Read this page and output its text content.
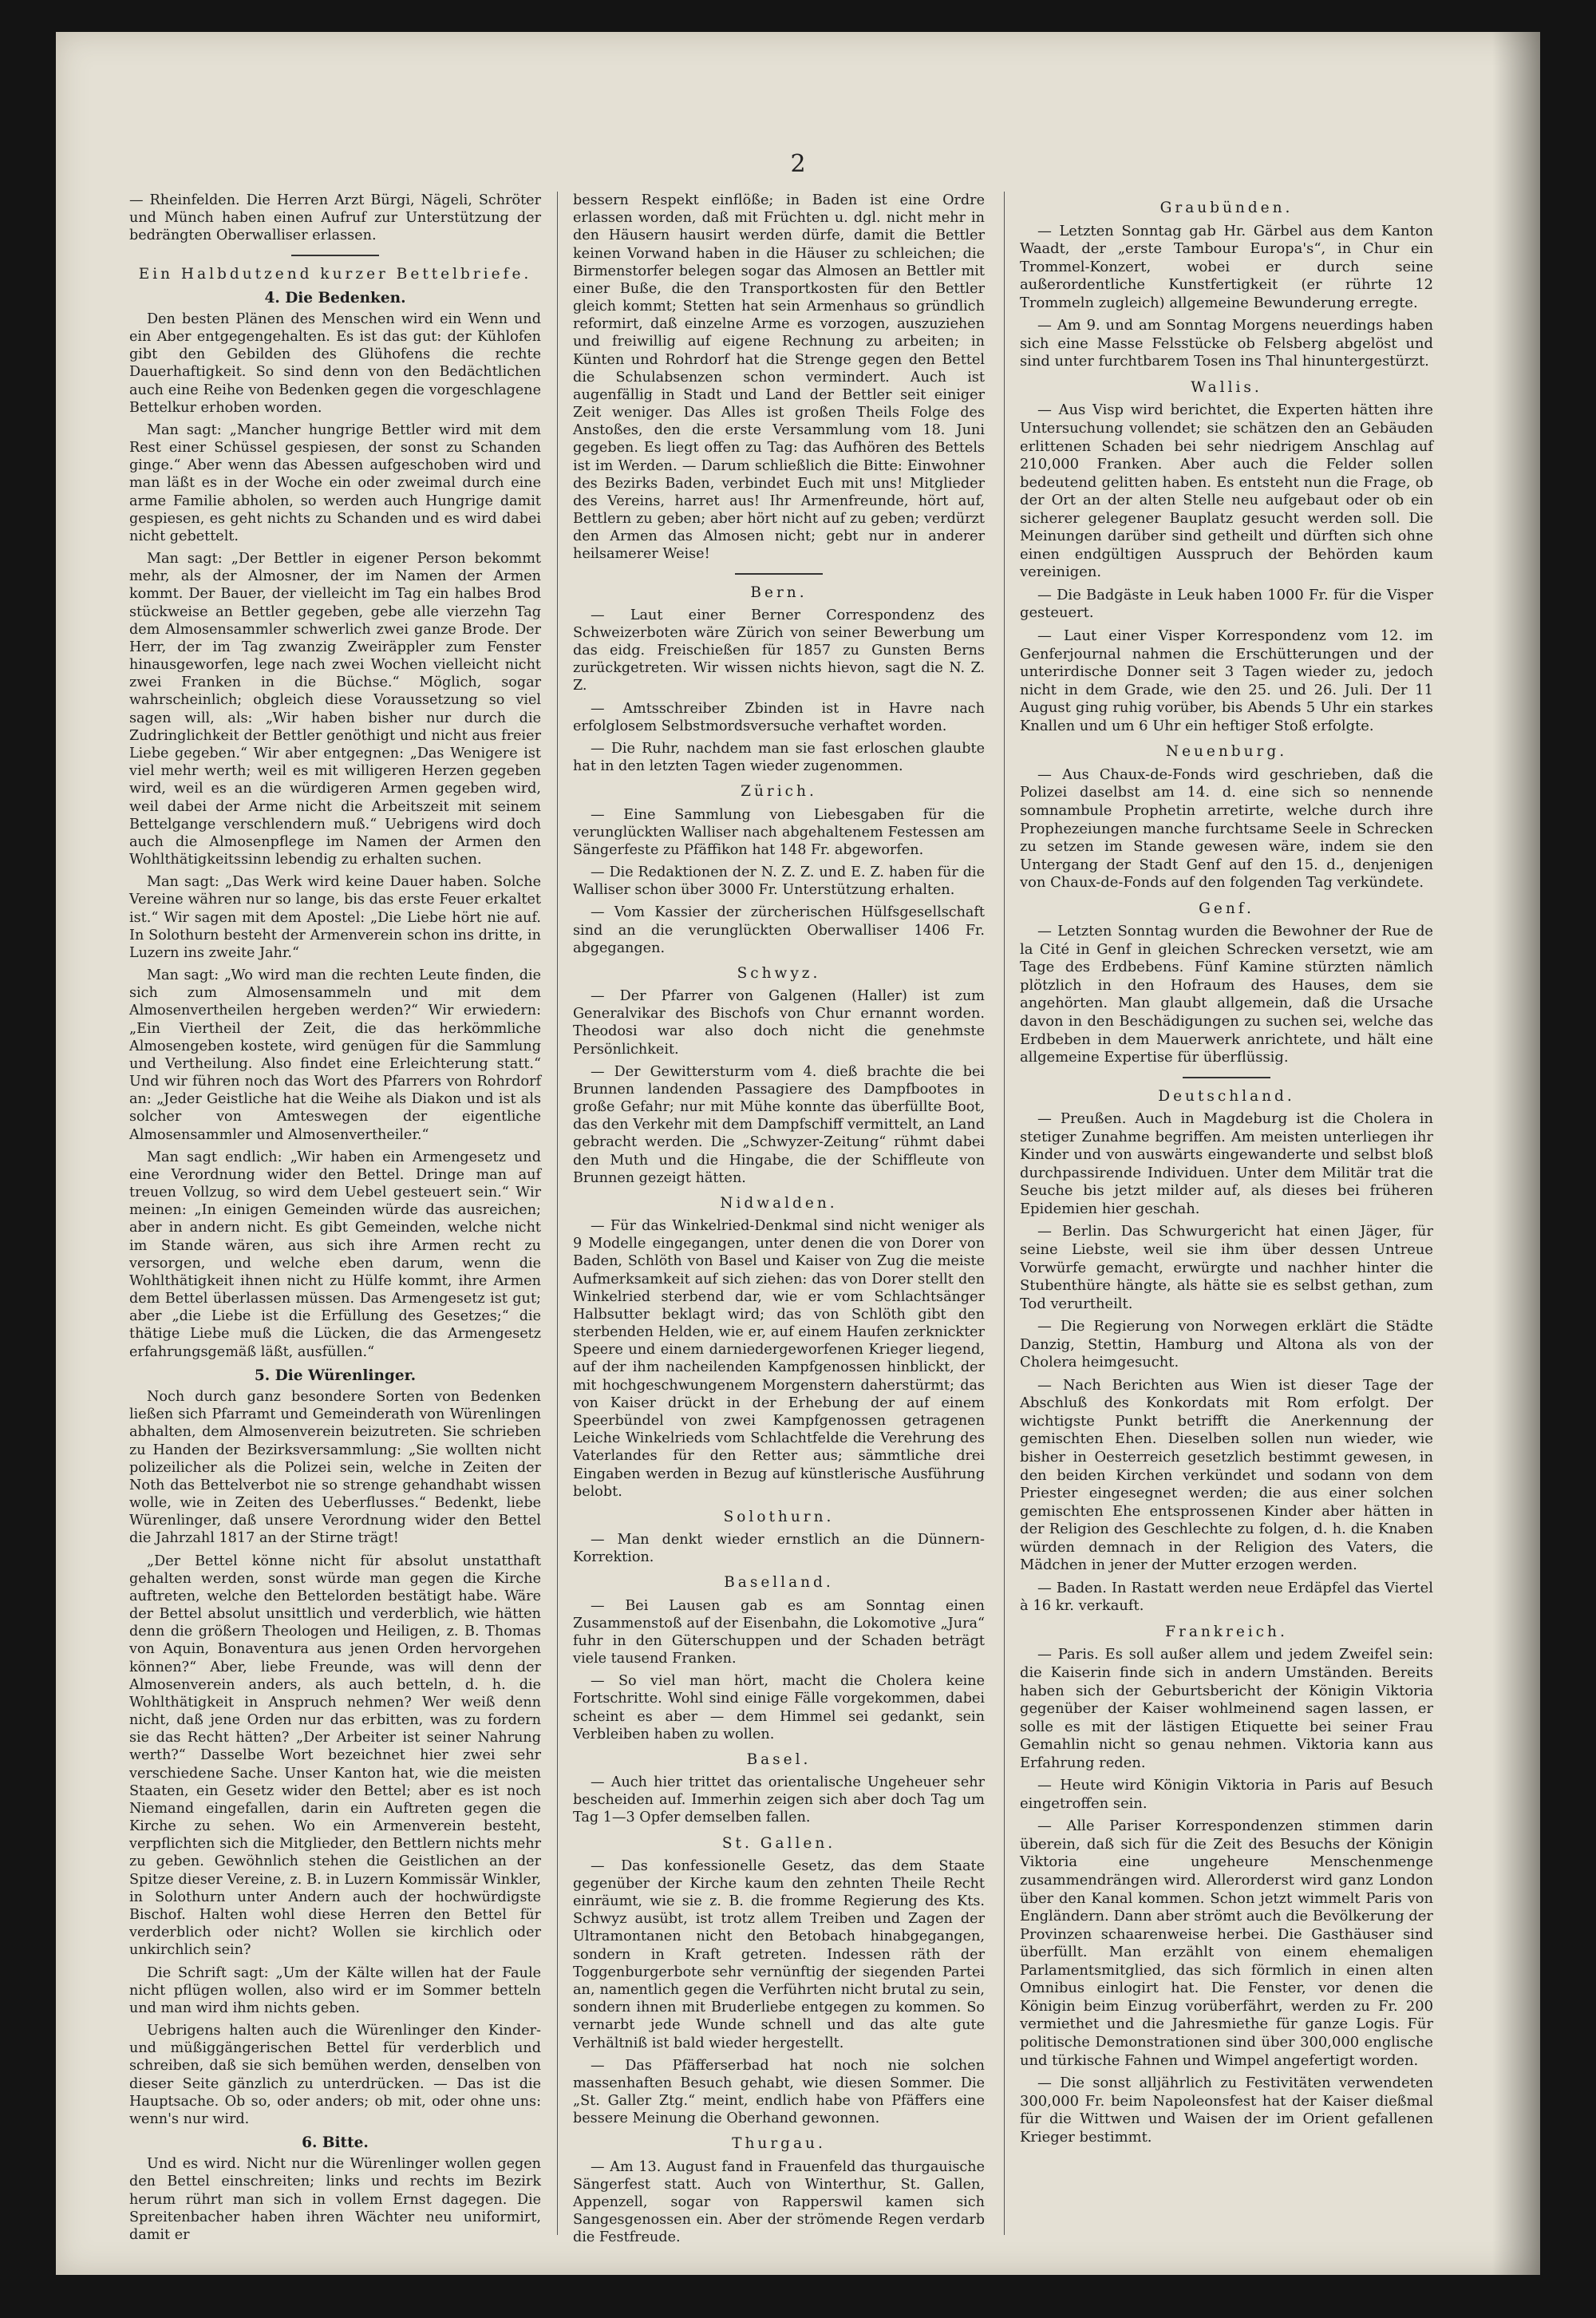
2

— Rheinfelden. Die Herren Arzt Bürgi, Nägeli, Schröter und Münch haben einen Aufruf zur Unterstützung der bedrängten Oberwalliser erlassen.

Ein Halbdutzend kurzer Bettelbriefe.
4. Die Bedenken.

Den besten Plänen des Menschen wird ein Wenn und ein Aber entgegengehalten. Es ist das gut: der Kühlofen gibt den Gebilden des Glühofens die rechte Dauerhaftigkeit. So sind denn von den Bedächtlichen auch eine Reihe von Bedenken gegen die vorgeschlagene Bettelkur erhoben worden.

Man sagt: „Mancher hungrige Bettler wird mit dem Rest einer Schüssel gespiesen, der sonst zu Schanden ginge.“ Aber wenn das Abessen aufgeschoben wird und man läßt es in der Woche ein oder zweimal durch eine arme Familie abholen, so werden auch Hungrige damit gespiesen, es geht nichts zu Schanden und es wird dabei nicht gebettelt.

Man sagt: „Der Bettler in eigener Person bekommt mehr, als der Almosner, der im Namen der Armen kommt. Der Bauer, der vielleicht im Tag ein halbes Brod stückweise an Bettler gegeben, gebe alle vierzehn Tag dem Almosensammler schwerlich zwei ganze Brode. Der Herr, der im Tag zwanzig Zweiräppler zum Fenster hinausgeworfen, lege nach zwei Wochen vielleicht nicht zwei Franken in die Büchse.“ Möglich, sogar wahrscheinlich; obgleich diese Voraussetzung so viel sagen will, als: „Wir haben bisher nur durch die Zudringlichkeit der Bettler genöthigt und nicht aus freier Liebe gegeben.“ Wir aber entgegnen: „Das Wenigere ist viel mehr werth; weil es mit willigeren Herzen gegeben wird, weil es an die würdigeren Armen gegeben wird, weil dabei der Arme nicht die Arbeitszeit mit seinem Bettelgange verschlendern muß.“ Uebrigens wird doch auch die Almosenpflege im Namen der Armen den Wohlthätigkeitssinn lebendig zu erhalten suchen.

Man sagt: „Das Werk wird keine Dauer haben. Solche Vereine währen nur so lange, bis das erste Feuer erkaltet ist.“ Wir sagen mit dem Apostel: „Die Liebe hört nie auf. In Solothurn besteht der Armenverein schon ins dritte, in Luzern ins zweite Jahr.“

Man sagt: „Wo wird man die rechten Leute finden, die sich zum Almosensammeln und mit dem Almosenvertheilen hergeben werden?“ Wir erwiedern: „Ein Viertheil der Zeit, die das herkömmliche Almosengeben kostete, wird genügen für die Sammlung und Vertheilung. Also findet eine Erleichterung statt.“ Und wir führen noch das Wort des Pfarrers von Rohrdorf an: „Jeder Geistliche hat die Weihe als Diakon und ist als solcher von Amteswegen der eigentliche Almosensammler und Almosenvertheiler.“

Man sagt endlich: „Wir haben ein Armengesetz und eine Verordnung wider den Bettel. Dringe man auf treuen Vollzug, so wird dem Uebel gesteuert sein.“ Wir meinen: „In einigen Gemeinden würde das ausreichen; aber in andern nicht. Es gibt Gemeinden, welche nicht im Stande wären, aus sich ihre Armen recht zu versorgen, und welche eben darum, wenn die Wohlthätigkeit ihnen nicht zu Hülfe kommt, ihre Armen dem Bettel überlassen müssen. Das Armengesetz ist gut; aber „die Liebe ist die Erfüllung des Gesetzes;“ die thätige Liebe muß die Lücken, die das Armengesetz erfahrungsgemäß läßt, ausfüllen.“

5. Die Würenlinger.

Noch durch ganz besondere Sorten von Bedenken ließen sich Pfarramt und Gemeinderath von Würenlingen abhalten, dem Almosenverein beizutreten. Sie schrieben zu Handen der Bezirksversammlung: „Sie wollten nicht polizeilicher als die Polizei sein, welche in Zeiten der Noth das Bettelverbot nie so strenge gehandhabt wissen wolle, wie in Zeiten des Ueberflusses.“ Bedenkt, liebe Würenlinger, daß unsere Verordnung wider den Bettel die Jahrzahl 1817 an der Stirne trägt!

„Der Bettel könne nicht für absolut unstatthaft gehalten werden, sonst würde man gegen die Kirche auftreten, welche den Bettelorden bestätigt habe. Wäre der Bettel absolut unsittlich und verderblich, wie hätten denn die größern Theologen und Heiligen, z. B. Thomas von Aquin, Bonaventura aus jenen Orden hervorgehen können?“ Aber, liebe Freunde, was will denn der Almosenverein anders, als auch betteln, d. h. die Wohlthätigkeit in Anspruch nehmen? Wer weiß denn nicht, daß jene Orden nur das erbitten, was zu fordern sie das Recht hätten? „Der Arbeiter ist seiner Nahrung werth?“ Dasselbe Wort bezeichnet hier zwei sehr verschiedene Sache. Unser Kanton hat, wie die meisten Staaten, ein Gesetz wider den Bettel; aber es ist noch Niemand eingefallen, darin ein Auftreten gegen die Kirche zu sehen. Wo ein Armenverein besteht, verpflichten sich die Mitglieder, den Bettlern nichts mehr zu geben. Gewöhnlich stehen die Geistlichen an der Spitze dieser Vereine, z. B. in Luzern Kommissär Winkler, in Solothurn unter Andern auch der hochwürdigste Bischof. Halten wohl diese Herren den Bettel für verderblich oder nicht? Wollen sie kirchlich oder unkirchlich sein?

Die Schrift sagt: „Um der Kälte willen hat der Faule nicht pflügen wollen, also wird er im Sommer betteln und man wird ihm nichts geben.

Uebrigens halten auch die Würenlinger den Kinder- und müßiggängerischen Bettel für verderblich und schreiben, daß sie sich bemühen werden, denselben von dieser Seite gänzlich zu unterdrücken. — Das ist die Hauptsache. Ob so, oder anders; ob mit, oder ohne uns: wenn's nur wird.

6. Bitte.

Und es wird. Nicht nur die Würenlinger wollen gegen den Bettel einschreiten; links und rechts im Bezirk herum rührt man sich in vollem Ernst dagegen. Die Spreitenbacher haben ihren Wächter neu uniformirt, damit er

bessern Respekt einflöße; in Baden ist eine Ordre erlassen worden, daß mit Früchten u. dgl. nicht mehr in den Häusern hausirt werden dürfe, damit die Bettler keinen Vorwand haben in die Häuser zu schleichen; die Birmenstorfer belegen sogar das Almosen an Bettler mit einer Buße, die den Transportkosten für den Bettler gleich kommt; Stetten hat sein Armenhaus so gründlich reformirt, daß einzelne Arme es vorzogen, auszuziehen und freiwillig auf eigene Rechnung zu arbeiten; in Künten und Rohrdorf hat die Strenge gegen den Bettel die Schulabsenzen schon vermindert. Auch ist augenfällig in Stadt und Land der Bettler seit einiger Zeit weniger. Das Alles ist großen Theils Folge des Anstoßes, den die erste Versammlung vom 18. Juni gegeben. Es liegt offen zu Tag: das Aufhören des Bettels ist im Werden. — Darum schließlich die Bitte: Einwohner des Bezirks Baden, verbindet Euch mit uns! Mitglieder des Vereins, harret aus! Ihr Armenfreunde, hört auf, Bettlern zu geben; aber hört nicht auf zu geben; verdürzt den Armen das Almosen nicht; gebt nur in anderer heilsamerer Weise!

Bern.

— Laut einer Berner Correspondenz des Schweizerboten wäre Zürich von seiner Bewerbung um das eidg. Freischießen für 1857 zu Gunsten Berns zurückgetreten. Wir wissen nichts hievon, sagt die N. Z. Z.

— Amtsschreiber Zbinden ist in Havre nach erfolglosem Selbstmordsversuche verhaftet worden.

— Die Ruhr, nachdem man sie fast erloschen glaubte hat in den letzten Tagen wieder zugenommen.

Zürich.

— Eine Sammlung von Liebesgaben für die verunglückten Walliser nach abgehaltenem Festessen am Sängerfeste zu Pfäffikon hat 148 Fr. abgeworfen.

— Die Redaktionen der N. Z. Z. und E. Z. haben für die Walliser schon über 3000 Fr. Unterstützung erhalten.

— Vom Kassier der zürcherischen Hülfsgesellschaft sind an die verunglückten Oberwalliser 1406 Fr. abgegangen.

Schwyz.

— Der Pfarrer von Galgenen (Haller) ist zum Generalvikar des Bischofs von Chur ernannt worden. Theodosi war also doch nicht die genehmste Persönlichkeit.

— Der Gewittersturm vom 4. dieß brachte die bei Brunnen landenden Passagiere des Dampfbootes in große Gefahr; nur mit Mühe konnte das überfüllte Boot, das den Verkehr mit dem Dampfschiff vermittelt, an Land gebracht werden. Die „Schwyzer-Zeitung“ rühmt dabei den Muth und die Hingabe, die der Schiffleute von Brunnen gezeigt hätten.

Nidwalden.

— Für das Winkelried-Denkmal sind nicht weniger als 9 Modelle eingegangen, unter denen die von Dorer von Baden, Schlöth von Basel und Kaiser von Zug die meiste Aufmerksamkeit auf sich ziehen: das von Dorer stellt den Winkelried sterbend dar, wie er vom Schlachtsänger Halbsutter beklagt wird; das von Schlöth gibt den sterbenden Helden, wie er, auf einem Haufen zerknickter Speere und einem darniedergeworfenen Krieger liegend, auf der ihm nacheilenden Kampfgenossen hinblickt, der mit hochgeschwungenem Morgenstern daherstürmt; das von Kaiser drückt in der Erhebung der auf einem Speerbündel von zwei Kampfgenossen getragenen Leiche Winkelrieds vom Schlachtfelde die Verehrung des Vaterlandes für den Retter aus; sämmtliche drei Eingaben werden in Bezug auf künstlerische Ausführung belobt.

Solothurn.

— Man denkt wieder ernstlich an die Dünnern-Korrektion.

Baselland.

— Bei Lausen gab es am Sonntag einen Zusammenstoß auf der Eisenbahn, die Lokomotive „Jura“ fuhr in den Güterschuppen und der Schaden beträgt viele tausend Franken.

— So viel man hört, macht die Cholera keine Fortschritte. Wohl sind einige Fälle vorgekommen, dabei scheint es aber — dem Himmel sei gedankt, sein Verbleiben haben zu wollen.

Basel.

— Auch hier trittet das orientalische Ungeheuer sehr bescheiden auf. Immerhin zeigen sich aber doch Tag um Tag 1—3 Opfer demselben fallen.

St. Gallen.

— Das konfessionelle Gesetz, das dem Staate gegenüber der Kirche kaum den zehnten Theile Recht einräumt, wie sie z. B. die fromme Regierung des Kts. Schwyz ausübt, ist trotz allem Treiben und Zagen der Ultramontanen nicht den Betobach hinabgegangen, sondern in Kraft getreten. Indessen räth der Toggenburgerbote sehr vernünftig der siegenden Partei an, namentlich gegen die Verführten nicht brutal zu sein, sondern ihnen mit Bruderliebe entgegen zu kommen. So vernarbt jede Wunde schnell und das alte gute Verhältniß ist bald wieder hergestellt.

— Das Pfäfferserbad hat noch nie solchen massenhaften Besuch gehabt, wie diesen Sommer. Die „St. Galler Ztg.“ meint, endlich habe von Pfäffers eine bessere Meinung die Oberhand gewonnen.

Thurgau.

— Am 13. August fand in Frauenfeld das thurgauische Sängerfest statt. Auch von Winterthur, St. Gallen, Appenzell, sogar von Rapperswil kamen sich Sangesgenossen ein. Aber der strömende Regen verdarb die Festfreude.

Graubünden.

— Letzten Sonntag gab Hr. Gärbel aus dem Kanton Waadt, der „erste Tambour Europa's“, in Chur ein Trommel-Konzert, wobei er durch seine außerordentliche Kunstfertigkeit (er rührte 12 Trommeln zugleich) allgemeine Bewunderung erregte.

— Am 9. und am Sonntag Morgens neuerdings haben sich eine Masse Felsstücke ob Felsberg abgelöst und sind unter furchtbarem Tosen ins Thal hinuntergestürzt.

Wallis.

— Aus Visp wird berichtet, die Experten hätten ihre Untersuchung vollendet; sie schätzen den an Gebäuden erlittenen Schaden bei sehr niedrigem Anschlag auf 210,000 Franken. Aber auch die Felder sollen bedeutend gelitten haben. Es entsteht nun die Frage, ob der Ort an der alten Stelle neu aufgebaut oder ob ein sicherer gelegener Bauplatz gesucht werden soll. Die Meinungen darüber sind getheilt und dürften sich ohne einen endgültigen Ausspruch der Behörden kaum vereinigen.

— Die Badgäste in Leuk haben 1000 Fr. für die Visper gesteuert.

— Laut einer Visper Korrespondenz vom 12. im Genferjournal nahmen die Erschütterungen und der unterirdische Donner seit 3 Tagen wieder zu, jedoch nicht in dem Grade, wie den 25. und 26. Juli. Der 11 August ging ruhig vorüber, bis Abends 5 Uhr ein starkes Knallen und um 6 Uhr ein heftiger Stoß erfolgte.

Neuenburg.

— Aus Chaux-de-Fonds wird geschrieben, daß die Polizei daselbst am 14. d. eine sich so nennende somnambule Prophetin arretirte, welche durch ihre Prophezeiungen manche furchtsame Seele in Schrecken zu setzen im Stande gewesen wäre, indem sie den Untergang der Stadt Genf auf den 15. d., denjenigen von Chaux-de-Fonds auf den folgenden Tag verkündete.

Genf.

— Letzten Sonntag wurden die Bewohner der Rue de la Cité in Genf in gleichen Schrecken versetzt, wie am Tage des Erdbebens. Fünf Kamine stürzten nämlich plötzlich in den Hofraum des Hauses, dem sie angehörten. Man glaubt allgemein, daß die Ursache davon in den Beschädigungen zu suchen sei, welche das Erdbeben in dem Mauerwerk anrichtete, und hält eine allgemeine Expertise für überflüssig.

Deutschland.

— Preußen. Auch in Magdeburg ist die Cholera in stetiger Zunahme begriffen. Am meisten unterliegen ihr Kinder und von auswärts eingewanderte und selbst bloß durchpassirende Individuen. Unter dem Militär trat die Seuche bis jetzt milder auf, als dieses bei früheren Epidemien hier geschah.

— Berlin. Das Schwurgericht hat einen Jäger, für seine Liebste, weil sie ihm über dessen Untreue Vorwürfe gemacht, erwürgte und nachher hinter die Stubenthüre hängte, als hätte sie es selbst gethan, zum Tod verurtheilt.

— Die Regierung von Norwegen erklärt die Städte Danzig, Stettin, Hamburg und Altona als von der Cholera heimgesucht.

— Nach Berichten aus Wien ist dieser Tage der Abschluß des Konkordats mit Rom erfolgt. Der wichtigste Punkt betrifft die Anerkennung der gemischten Ehen. Dieselben sollen nun wieder, wie bisher in Oesterreich gesetzlich bestimmt gewesen, in den beiden Kirchen verkündet und sodann von dem Priester eingesegnet werden; die aus einer solchen gemischten Ehe entsprossenen Kinder aber hätten in der Religion des Geschlechte zu folgen, d. h. die Knaben würden demnach in der Religion des Vaters, die Mädchen in jener der Mutter erzogen werden.

— Baden. In Rastatt werden neue Erdäpfel das Viertel à 16 kr. verkauft.

Frankreich.

— Paris. Es soll außer allem und jedem Zweifel sein: die Kaiserin finde sich in andern Umständen. Bereits haben sich der Geburtsbericht der Königin Viktoria gegenüber der Kaiser wohlmeinend sagen lassen, er solle es mit der lästigen Etiquette bei seiner Frau Gemahlin nicht so genau nehmen. Viktoria kann aus Erfahrung reden.

— Heute wird Königin Viktoria in Paris auf Besuch eingetroffen sein.

— Alle Pariser Korrespondenzen stimmen darin überein, daß sich für die Zeit des Besuchs der Königin Viktoria eine ungeheure Menschenmenge zusammendrängen wird. Allerorderst wird ganz London über den Kanal kommen. Schon jetzt wimmelt Paris von Engländern. Dann aber strömt auch die Bevölkerung der Provinzen schaarenweise herbei. Die Gasthäuser sind überfüllt. Man erzählt von einem ehemaligen Parlamentsmitglied, das sich förmlich in einen alten Omnibus einlogirt hat. Die Fenster, vor denen die Königin beim Einzug vorüberfährt, werden zu Fr. 200 vermiethet und die Jahresmiethe für ganze Logis. Für politische Demonstrationen sind über 300,000 englische und türkische Fahnen und Wimpel angefertigt worden.

— Die sonst alljährlich zu Festivitäten verwendeten 300,000 Fr. beim Napoleonsfest hat der Kaiser dießmal für die Wittwen und Waisen der im Orient gefallenen Krieger bestimmt.
